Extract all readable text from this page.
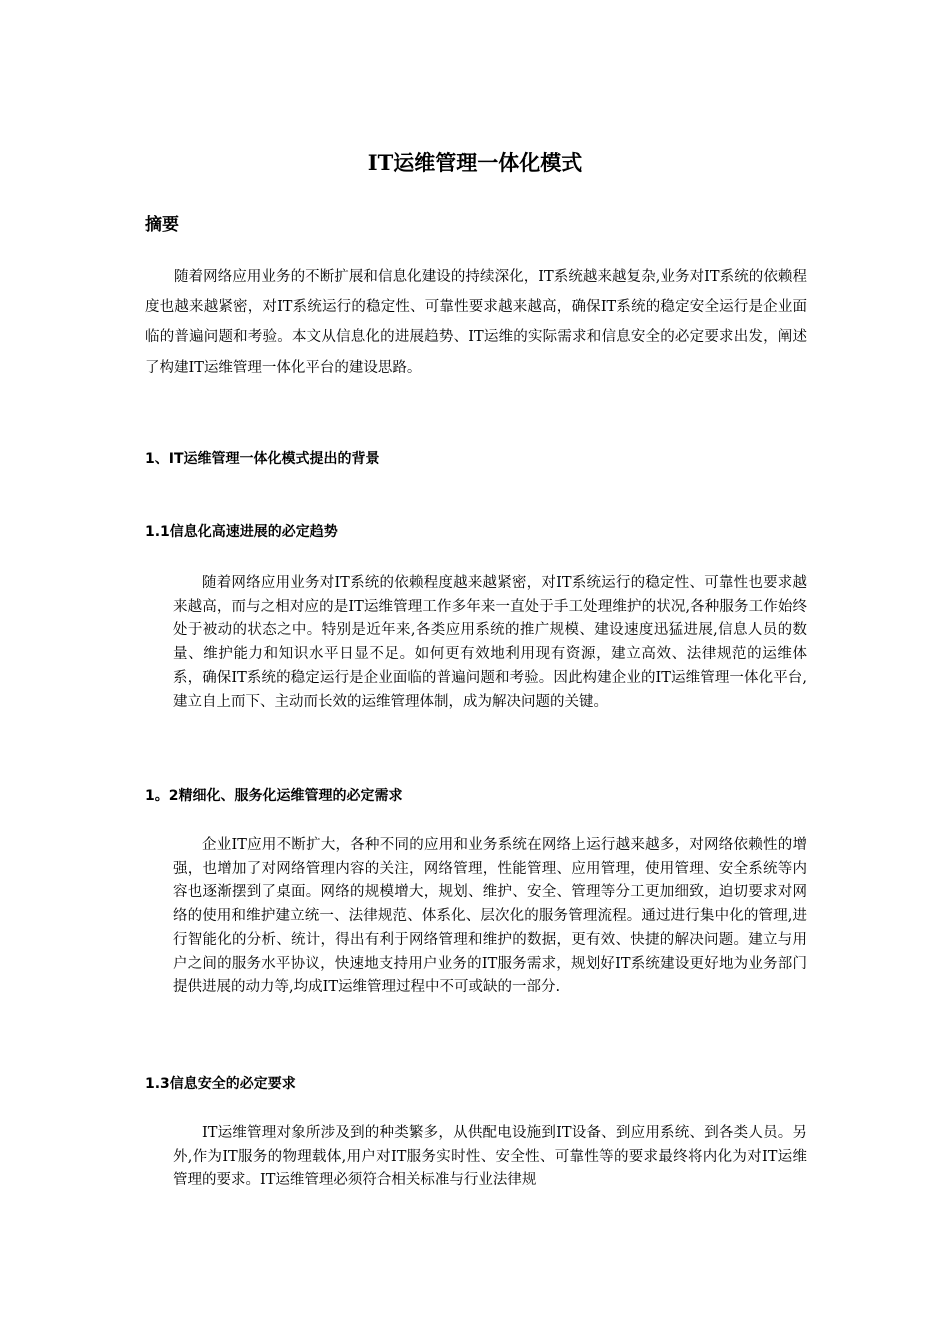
IT运维管理一体化模式
摘要

随着网络应用业务的不断扩展和信息化建设的持续深化，IT系统越来越复杂,业务对IT系统的依赖程度也越来越紧密，对IT系统运行的稳定性、可靠性要求越来越高，确保IT系统的稳定安全运行是企业面临的普遍问题和考验。本文从信息化的进展趋势、IT运维的实际需求和信息安全的必定要求出发，阐述了构建IT运维管理一体化平台的建设思路。

1、IT运维管理一体化模式提出的背景
1.1信息化高速进展的必定趋势

随着网络应用业务对IT系统的依赖程度越来越紧密，对IT系统运行的稳定性、可靠性也要求越来越高，而与之相对应的是IT运维管理工作多年来一直处于手工处理维护的状况,各种服务工作始终处于被动的状态之中。特别是近年来,各类应用系统的推广规模、建设速度迅猛进展,信息人员的数量、维护能力和知识水平日显不足。如何更有效地利用现有资源，建立高效、法律规范的运维体系，确保IT系统的稳定运行是企业面临的普遍问题和考验。因此构建企业的IT运维管理一体化平台,建立自上而下、主动而长效的运维管理体制，成为解决问题的关键。

1。2精细化、服务化运维管理的必定需求

企业IT应用不断扩大，各种不同的应用和业务系统在网络上运行越来越多，对网络依赖性的增强，也增加了对网络管理内容的关注，网络管理，性能管理、应用管理，使用管理、安全系统等内容也逐渐摆到了桌面。网络的规模增大，规划、维护、安全、管理等分工更加细致，迫切要求对网络的使用和维护建立统一、法律规范、体系化、层次化的服务管理流程。通过进行集中化的管理,进行智能化的分析、统计，得出有利于网络管理和维护的数据，更有效、快捷的解决问题。建立与用户之间的服务水平协议，快速地支持用户业务的IT服务需求，规划好IT系统建设更好地为业务部门提供进展的动力等,均成IT运维管理过程中不可或缺的一部分.

1.3信息安全的必定要求

IT运维管理对象所涉及到的种类繁多，从供配电设施到IT设备、到应用系统、到各类人员。另外,作为IT服务的物理载体,用户对IT服务实时性、安全性、可靠性等的要求最终将内化为对IT运维管理的要求。IT运维管理必须符合相关标准与行业法律规
